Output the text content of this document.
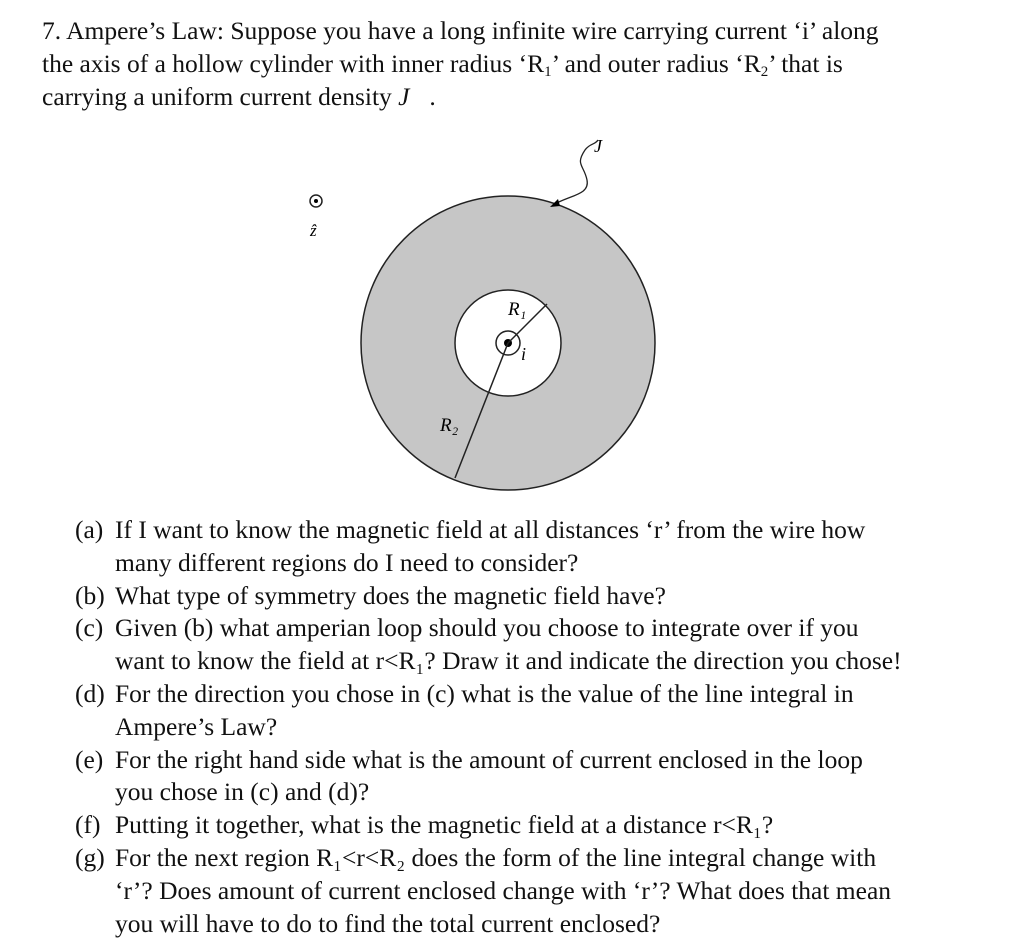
7. Ampere’s Law: Suppose you have a long infinite wire carrying current ‘i’ along

the axis of a hollow cylinder with inner radius ‘$R_1$’ and outer radius ‘$R_2$’ that is

carrying a uniform current density J⃗.

J⃗
ẑ
R₁
R₂
i
(a) If I want to know the magnetic field at all distances ‘r’ from the wire how
many different regions do I need to consider?
(b) What type of symmetry does the magnetic field have?
(c) Given (b) what amperian loop should you choose to integrate over if you
want to know the field at r<R₁? Draw it and indicate the direction you chose!
(d) For the direction you chose in (c) what is the value of the line integral in
Ampere’s Law?
(e) For the right hand side what is the amount of current enclosed in the loop
you chose in (c) and (d)?
(f) Putting it together, what is the magnetic field at a distance r<R₁?
(g) For the next region R₁<r<R₂ does the form of the line integral change with
‘r’? Does amount of current enclosed change with ‘r’? What does that mean
you will have to do to find the total current enclosed?
